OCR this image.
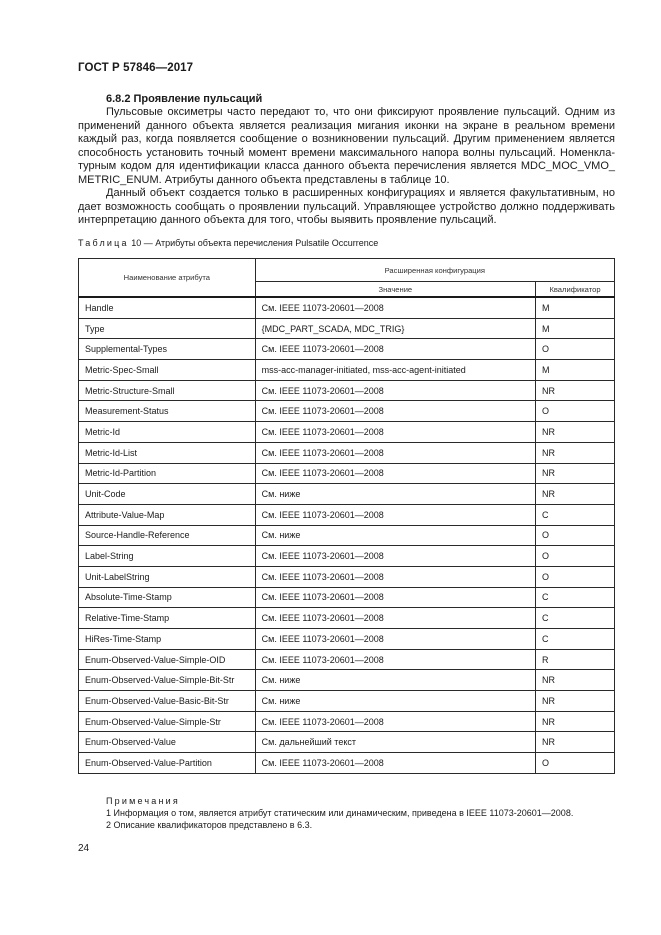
ГОСТ Р 57846—2017
6.8.2 Проявление пульсаций

Пульсовые оксиметры часто передают то, что они фиксируют проявление пульсаций. Одним из применений данного объекта является реализация мигания иконки на экране в реальном времени каждый раз, когда появляется сообщение о возникновении пульсаций. Другим применением является способность установить точный момент времени максимального напора волны пульсаций. Номенкла-турным кодом для идентификации класса данного объекта перечисления является MDC_MOC_VMO_ METRIC_ENUM. Атрибуты данного объекта представлены в таблице 10.

Данный объект создается только в расширенных конфигурациях и является факультативным, но дает возможность сообщать о проявлении пульсаций. Управляющее устройство должно поддерживать интерпретацию данного объекта для того, чтобы выявить проявление пульсаций.

Таблица 10 — Атрибуты объекта перечисления Pulsatile Occurrence
Наименование атрибута	Расширенная конфигурация	
	Значение	Квалификатор
Handle	См. IEEE 11073-20601—2008	M
Type	{MDC_PART_SCADA, MDC_TRIG}	M
Supplemental-Types	См. IEEE 11073-20601—2008	O
Metric-Spec-Small	mss-acc-manager-initiated, mss-acc-agent-initiated	M
Metric-Structure-Small	См. IEEE 11073-20601—2008	NR
Measurement-Status	См. IEEE 11073-20601—2008	O
Metric-Id	См. IEEE 11073-20601—2008	NR
Metric-Id-List	См. IEEE 11073-20601—2008	NR
Metric-Id-Partition	См. IEEE 11073-20601—2008	NR
Unit-Code	См. ниже	NR
Attribute-Value-Map	См. IEEE 11073-20601—2008	C
Source-Handle-Reference	См. ниже	O
Label-String	См. IEEE 11073-20601—2008	O
Unit-LabelString	См. IEEE 11073-20601—2008	O
Absolute-Time-Stamp	См. IEEE 11073-20601—2008	C
Relative-Time-Stamp	См. IEEE 11073-20601—2008	C
HiRes-Time-Stamp	См. IEEE 11073-20601—2008	C
Enum-Observed-Value-Simple-OID	См. IEEE 11073-20601—2008	R
Enum-Observed-Value-Simple-Bit-Str	См. ниже	NR
Enum-Observed-Value-Basic-Bit-Str	См. ниже	NR
Enum-Observed-Value-Simple-Str	См. IEEE 11073-20601—2008	NR
Enum-Observed-Value	См. дальнейший текст	NR
Enum-Observed-Value-Partition	См. IEEE 11073-20601—2008	O
Примечания
1 Информация о том, является атрибут статическим или динамическим, приведена в IEEE 11073-20601—2008.
2 Описание квалификаторов представлено в 6.3.
24
